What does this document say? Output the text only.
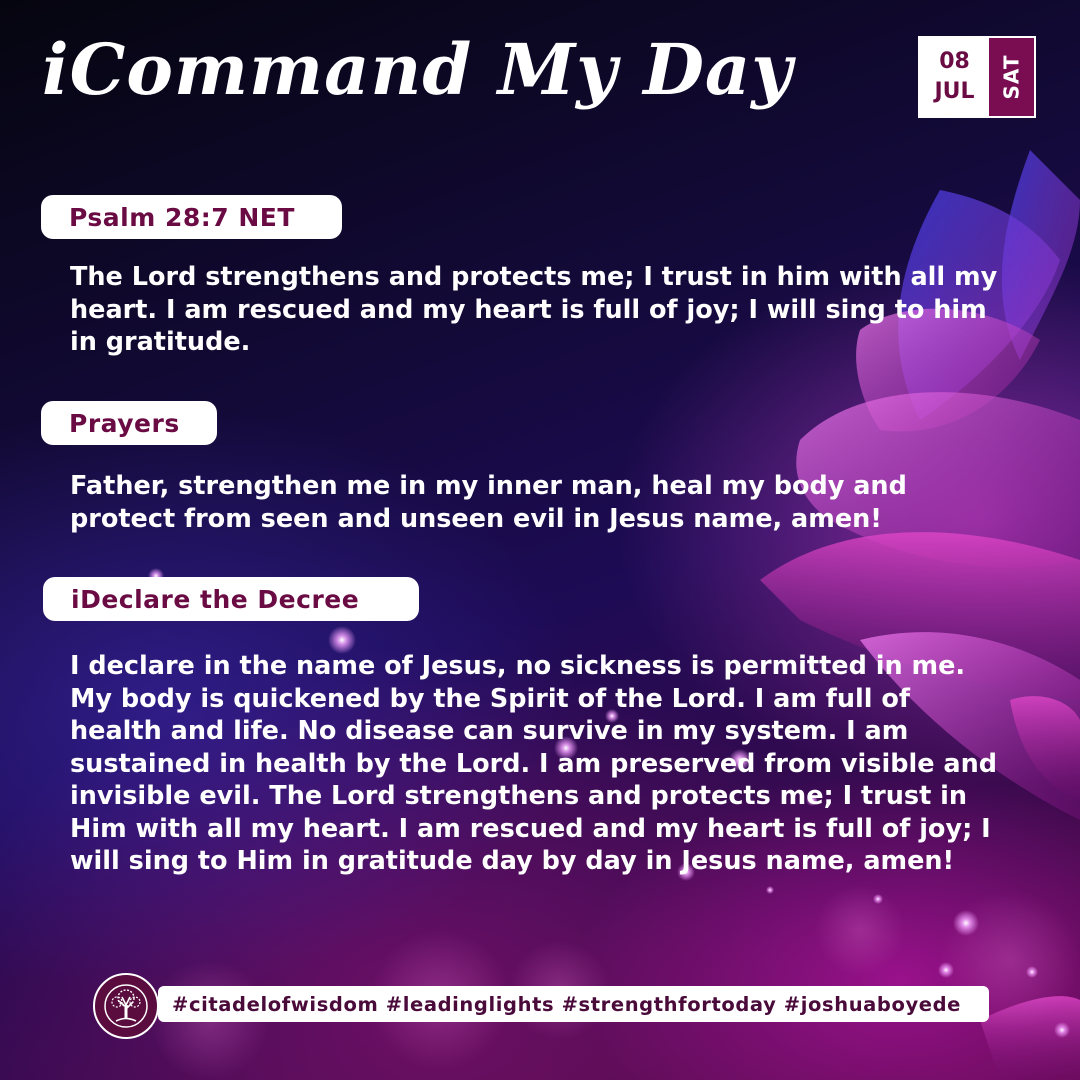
iCommand My Day	08
JUL SAT
Psalm 28:7 NET
The Lord strengthens and protects me; I trust in him with all my heart. I am rescued and my heart is full of joy; I will sing to him in gratitude.
Prayers
Father, strengthen me in my inner man, heal my body and protect from seen and unseen evil in Jesus name, amen!
iDeclare the Decree
I declare in the name of Jesus, no sickness is permitted in me. My body is quickened by the Spirit of the Lord. I am full of health and life. No disease can survive in my system. I am sustained in health by the Lord. I am preserved from visible and invisible evil. The Lord strengthens and protects me; I trust in Him with all my heart. I am rescued and my heart is full of joy; I will sing to Him in gratitude day by day in Jesus name, amen!
#citadelofwisdom #leadinglights #strengthfortoday #joshuaboyede
